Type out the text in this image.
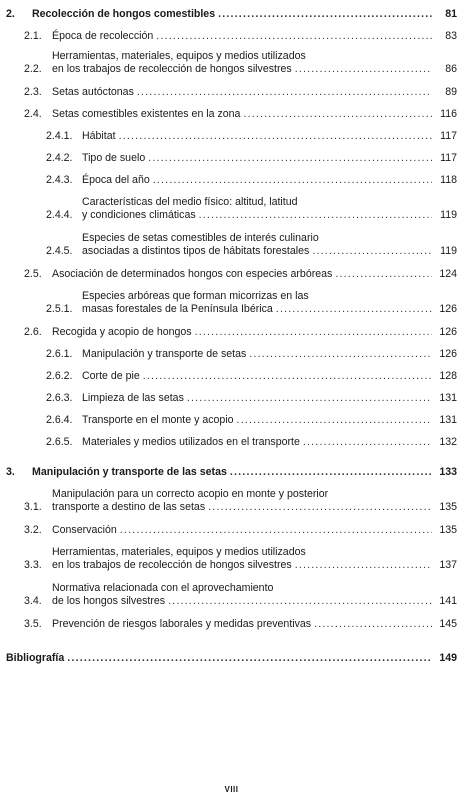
2.	Recolección de hongos comestibles .....	81
2.1. Época de recolección .....	83
2.2.
Herramientas, materiales, equipos y medios utilizados
en los trabajos de recolección de hongos silvestres .....	86
2.3. Setas autóctonas .....	89
2.4. Setas comestibles existentes en la zona .....	116
2.4.1. Hábitat .....	117
2.4.2. Tipo de suelo .....	117
2.4.3. Época del año .....	118
2.4.4.
Características del medio físico: altitud, latitud
y condiciones climáticas .....	119
2.4.5.
Especies de setas comestibles de interés culinario
asociadas a distintos tipos de hábitats forestales .....	119
2.5. Asociación de determinados hongos con especies arbóreas .....	124
2.5.1.
Especies arbóreas que forman micorrizas en las
masas forestales de la Península Ibérica .....	126
2.6. Recogida y acopio de hongos .....	126
2.6.1. Manipulación y transporte de setas .....	126
2.6.2. Corte de pie .....	128
2.6.3. Limpieza de las setas .....	131
2.6.4. Transporte en el monte y acopio .....	131
2.6.5. Materiales y medios utilizados en el transporte .....	132
3.	Manipulación y transporte de las setas .....	133
3.1.
Manipulación para un correcto acopio en monte y posterior
transporte a destino de las setas .....	135
3.2. Conservación .....	135
3.3.
Herramientas, materiales, equipos y medios utilizados
en los trabajos de recolección de hongos silvestres .....	137
3.4.
Normativa relacionada con el aprovechamiento
de los hongos silvestres .....	141
3.5. Prevención de riesgos laborales y medidas preventivas .....	145
Bibliografía .....	149
VIII
